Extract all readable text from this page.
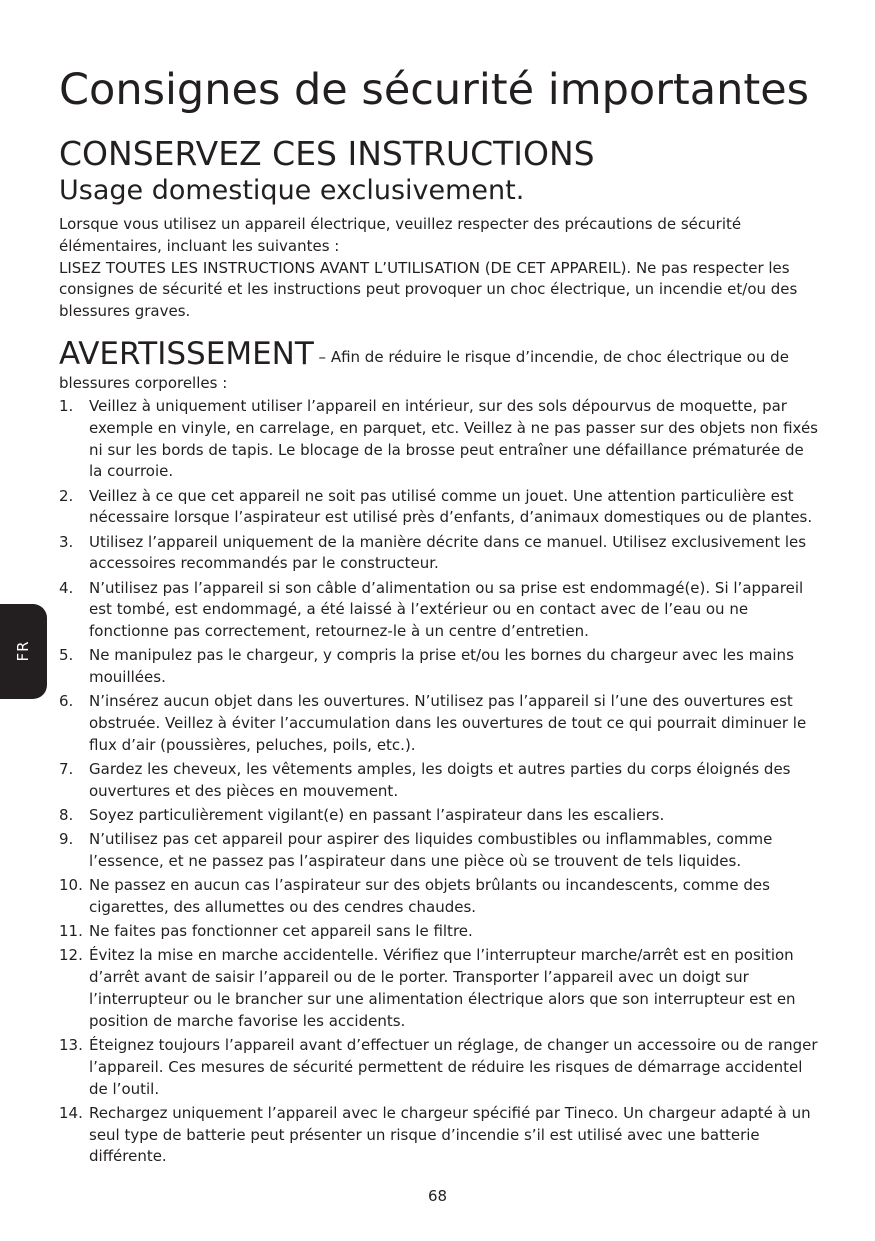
FR
Consignes de sécurité importantes
CONSERVEZ CES INSTRUCTIONS
Usage domestique exclusivement.
Lorsque vous utilisez un appareil électrique, veuillez respecter des précautions de sécurité élémentaires, incluant les suivantes :
LISEZ TOUTES LES INSTRUCTIONS AVANT L’UTILISATION (DE CET APPAREIL). Ne pas respecter les consignes de sécurité et les instructions peut provoquer un choc électrique, un incendie et/ou des blessures graves.

AVERTISSEMENT – Afin de réduire le risque d’incendie, de choc électrique ou de blessures corporelles :

1.	Veillez à uniquement utiliser l’appareil en intérieur, sur des sols dépourvus de moquette, par exemple en vinyle, en carrelage, en parquet, etc. Veillez à ne pas passer sur des objets non fixés ni sur les bords de tapis. Le blocage de la brosse peut entraîner une défaillance prématurée de la courroie.
2.	Veillez à ce que cet appareil ne soit pas utilisé comme un jouet. Une attention particulière est nécessaire lorsque l’aspirateur est utilisé près d’enfants, d’animaux domestiques ou de plantes.
3.	Utilisez l’appareil uniquement de la manière décrite dans ce manuel. Utilisez exclusivement les accessoires recommandés par le constructeur.
4.	N’utilisez pas l’appareil si son câble d’alimentation ou sa prise est endommagé(e). Si l’appareil est tombé, est endommagé, a été laissé à l’extérieur ou en contact avec de l’eau ou ne fonctionne pas correctement, retournez-le à un centre d’entretien.
5.	Ne manipulez pas le chargeur, y compris la prise et/ou les bornes du chargeur avec les mains mouillées.
6.	N’insérez aucun objet dans les ouvertures. N’utilisez pas l’appareil si l’une des ouvertures est obstruée. Veillez à éviter l’accumulation dans les ouvertures de tout ce qui pourrait diminuer le flux d’air (poussières, peluches, poils, etc.).
7.	Gardez les cheveux, les vêtements amples, les doigts et autres parties du corps éloignés des ouvertures et des pièces en mouvement.
8.	Soyez particulièrement vigilant(e) en passant l’aspirateur dans les escaliers.
9.	N’utilisez pas cet appareil pour aspirer des liquides combustibles ou inflammables, comme l’essence, et ne passez pas l’aspirateur dans une pièce où se trouvent de tels liquides.
10. Ne passez en aucun cas l’aspirateur sur des objets brûlants ou incandescents, comme des cigarettes, des allumettes ou des cendres chaudes.
11. Ne faites pas fonctionner cet appareil sans le filtre.
12. Évitez la mise en marche accidentelle. Vérifiez que l’interrupteur marche/arrêt est en position d’arrêt avant de saisir l’appareil ou de le porter. Transporter l’appareil avec un doigt sur l’interrupteur ou le brancher sur une alimentation électrique alors que son interrupteur est en position de marche favorise les accidents.
13. Éteignez toujours l’appareil avant d’effectuer un réglage, de changer un accessoire ou de ranger l’appareil. Ces mesures de sécurité permettent de réduire les risques de démarrage accidentel de l’outil.
14. Rechargez uniquement l’appareil avec le chargeur spécifié par Tineco. Un chargeur adapté à un seul type de batterie peut présenter un risque d’incendie s’il est utilisé avec une batterie différente.
68
